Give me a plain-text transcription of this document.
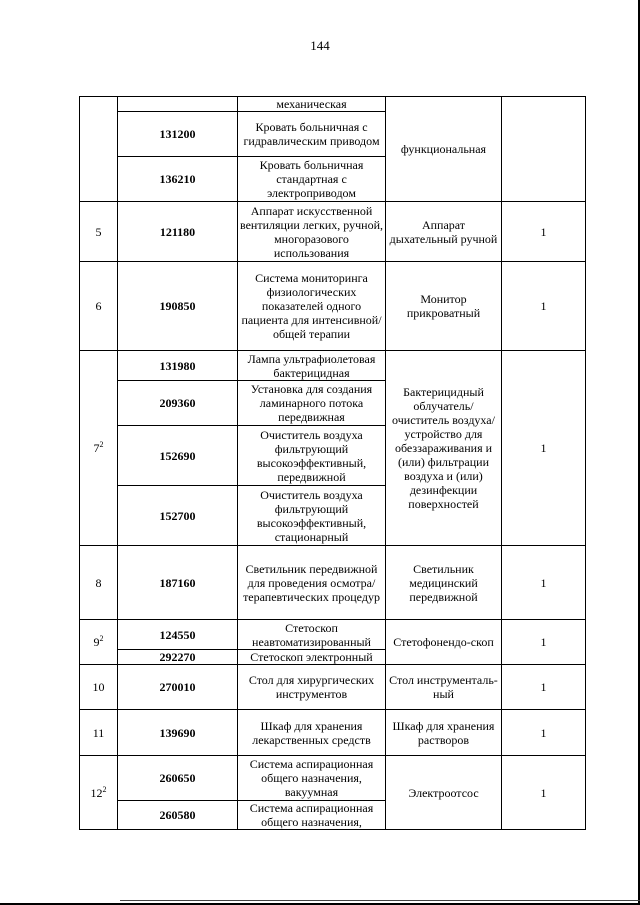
144
		механическая	функциональная	
	131200	Кровать больничная с гидравлическим приводом		
	136210	Кровать больничная стандартная с электроприводом		
5	121180	Аппарат искусственной вентиляции легких, ручной, многоразового использования	Аппарат дыхательный ручной	1
6	190850	Система мониторинга физиологических показателей одного пациента для интенсивной/общей терапии	Монитор прикроватный	1
$7^2$	131980	Лампа ультрафиолетовая бактерицидная	Бактерицидный облучатель/ очиститель воздуха/ устройство для обеззараживания и (или) фильтрации воздуха и (или) дезинфекции поверхностей	1
	209360	Установка для создания ламинарного потока передвижная		
	152690	Очиститель воздуха фильтрующий высокоэффективный, передвижной		
	152700	Очиститель воздуха фильтрующий высокоэффективный, стационарный		
8	187160	Светильник передвижной для проведения осмотра/терапевтических процедур	Светильник медицинский передвижной	1
$9^2$	124550	Стетоскоп неавтоматизированный	Стетофонендо-скоп	1
	292270	Стетоскоп электронный		
10	270010	Стол для хирургических инструментов	Стол инструменталь-ный	1
11	139690	Шкаф для хранения лекарственных средств	Шкаф для хранения растворов	1
$12^2$	260650	Система аспирационная общего назначения, вакуумная	Электроотсос	1
	260580	Система аспирационная общего назначения,		
